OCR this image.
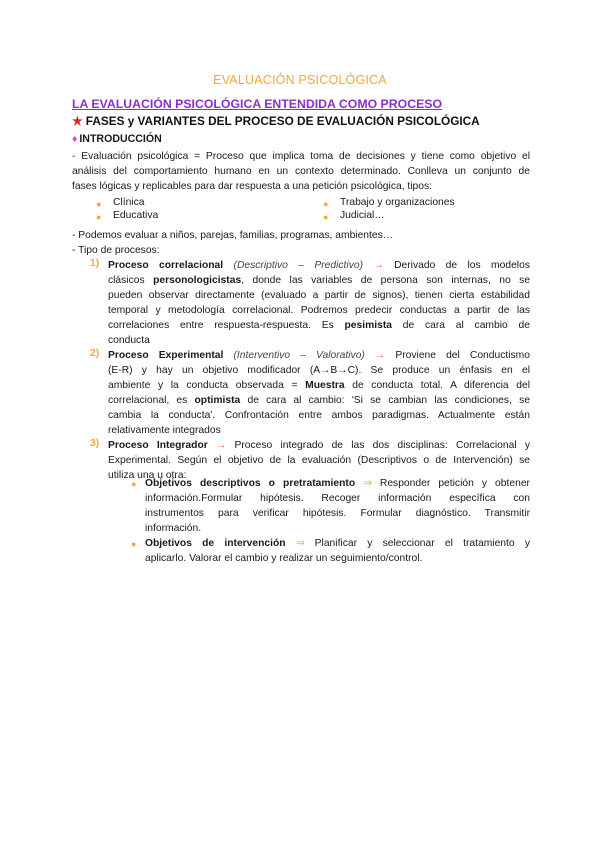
EVALUACIÓN PSICOLÓGICA
LA EVALUACIÓN PSICOLÓGICA ENTENDIDA COMO PROCESO
★ FASES y VARIANTES DEL PROCESO DE EVALUACIÓN PSICOLÓGICA
♦ INTRODUCCIÓN
- Evaluación psicológica = Proceso que implica toma de decisiones y tiene como objetivo el
análisis del comportamiento humano en un contexto determinado. Conlleva un conjunto de
fases lógicas y replicables para dar respuesta a una petición psicológica, tipos:
● Clínica
● Educativa
● Trabajo y organizaciones
● Judicial…
- Podemos evaluar a niños, parejas, familias, programas, ambientes…
- Tipo de procesos:
1) Proceso correlacional (Descriptivo – Predictivo) → Derivado de los modelos
clásicos personologicistas, donde las variables de persona son internas, no se
pueden observar directamente (evaluado a partir de signos), tienen cierta estabilidad
temporal y metodología correlacional. Podremos predecir conductas a partir de las
correlaciones entre respuesta-respuesta. Es pesimista de cara al cambio de
conducta
2) Proceso Experimental (Interventivo – Valorativo) → Proviene del Conductismo
(E-R) y hay un objetivo modificador (A→B→C). Se produce un énfasis en el
ambiente y la conducta observada = Muestra de conducta total. A diferencia del
correlacional, es optimista de cara al cambio: 'Si se cambian las condiciones, se
cambia la conducta'. Confrontación entre ambos paradigmas. Actualmente están
relativamente integrados
3) Proceso Integrador → Proceso integrado de las dos disciplinas: Correlacional y
Experimental. Según el objetivo de la evaluación (Descriptivos o de Intervención) se
utiliza una u otra:
● Objetivos descriptivos o pretratamiento ⇒ Responder petición y obtener
información.Formular hipótesis. Recoger información específica con
instrumentos para verificar hipótesis. Formular diagnóstico. Transmitir
información.
● Objetivos de intervención ⇒ Planificar y seleccionar el tratamiento y
aplicarlo. Valorar el cambio y realizar un seguimiento/control.
